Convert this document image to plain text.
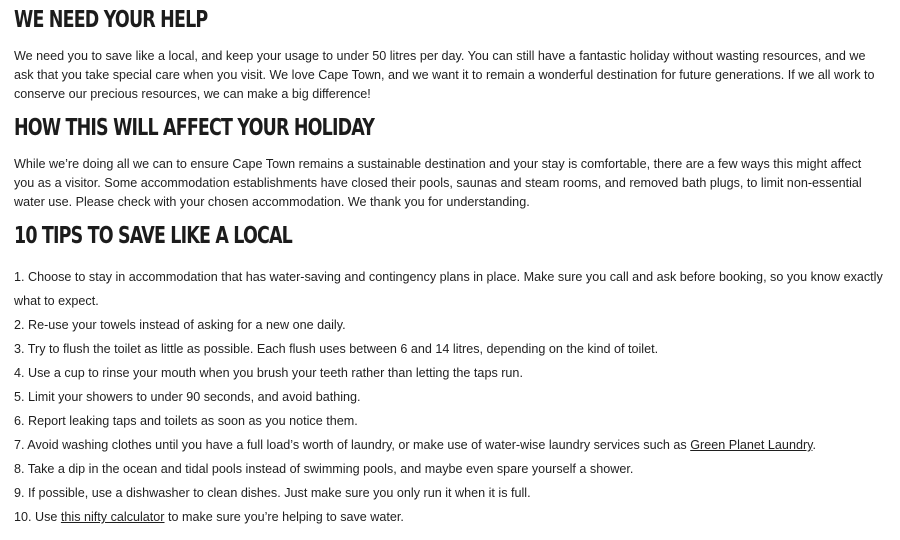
WE NEED YOUR HELP

We need you to save like a local, and keep your usage to under 50 litres per day. You can still have a fantastic holiday without wasting resources, and we ask that you take special care when you visit. We love Cape Town, and we want it to remain a wonderful destination for future generations. If we all work to conserve our precious resources, we can make a big difference!

HOW THIS WILL AFFECT YOUR HOLIDAY

While we’re doing all we can to ensure Cape Town remains a sustainable destination and your stay is comfortable, there are a few ways this might affect you as a visitor. Some accommodation establishments have closed their pools, saunas and steam rooms, and removed bath plugs, to limit non-essential water use. Please check with your chosen accommodation. We thank you for understanding.

10 TIPS TO SAVE LIKE A LOCAL
1. Choose to stay in accommodation that has water-saving and contingency plans in place. Make sure you call and ask before booking, so you know exactly what to expect.
2. Re-use your towels instead of asking for a new one daily.
3. Try to flush the toilet as little as possible. Each flush uses between 6 and 14 litres, depending on the kind of toilet.
4. Use a cup to rinse your mouth when you brush your teeth rather than letting the taps run.
5. Limit your showers to under 90 seconds, and avoid bathing.
6. Report leaking taps and toilets as soon as you notice them.
7. Avoid washing clothes until you have a full load’s worth of laundry, or make use of water-wise laundry services such as Green Planet Laundry.
8. Take a dip in the ocean and tidal pools instead of swimming pools, and maybe even spare yourself a shower.
9. If possible, use a dishwasher to clean dishes. Just make sure you only run it when it is full.
10. Use this nifty calculator to make sure you’re helping to save water.
